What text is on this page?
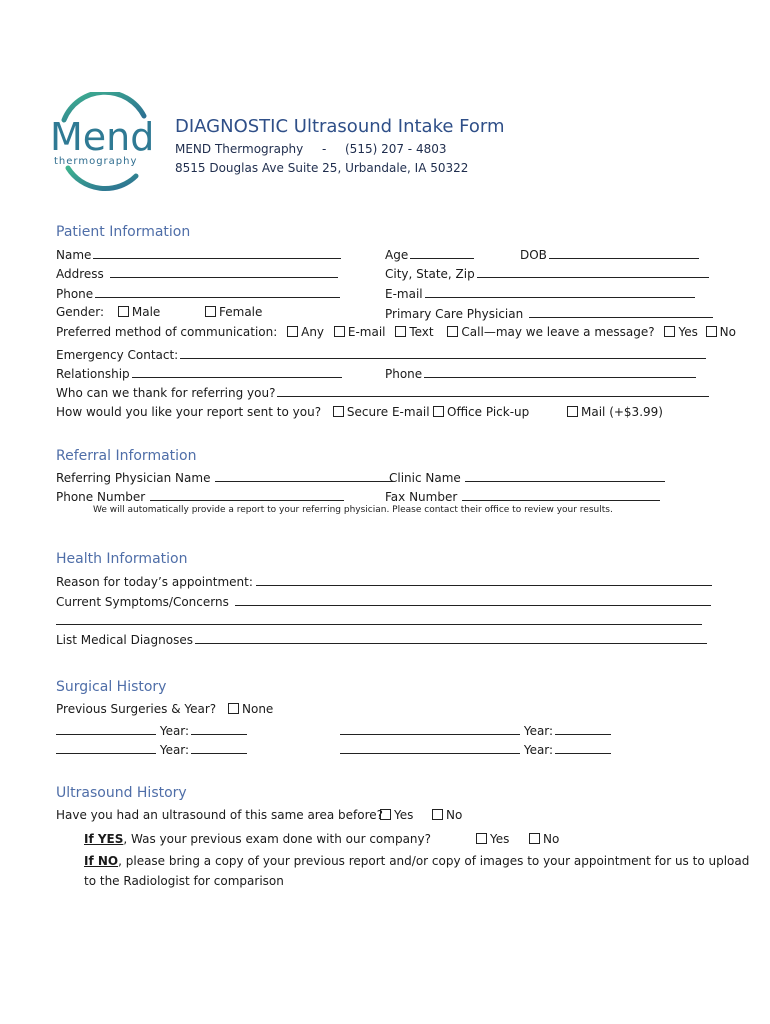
Mend
thermography
DIAGNOSTIC Ultrasound Intake Form
MEND Thermography - (515) 207 - 4803
8515 Douglas Ave Suite 25, Urbandale, IA 50322
Patient Information
Name	Age	DOB
Address	City, State, Zip
Phone	E-mail
Gender: Male	Female	Primary Care Physician
Preferred method of communication: Any E-mail Text Call—may we leave a message? Yes No
Emergency Contact:
Relationship	Phone
Who can we thank for referring you?
How would you like your report sent to you? Secure E-mail	Office Pick-up	Mail (+$3.99)
Referral Information
Referring Physician Name	Clinic Name
Phone Number	Fax Number
We will automatically provide a report to your referring physician. Please contact their office to review your results.
Health Information
Reason for today’s appointment:
Current Symptoms/Concerns
List Medical Diagnoses
Surgical History
Previous Surgeries & Year?	None
Year:	Year:
Year:	Year:
Ultrasound History
Have you had an ultrasound of this same area before? Yes	No
If YES, Was your previous exam done with our company?	Yes	No
If NO, please bring a copy of your previous report and/or copy of images to your appointment for us to upload
to the Radiologist for comparison
